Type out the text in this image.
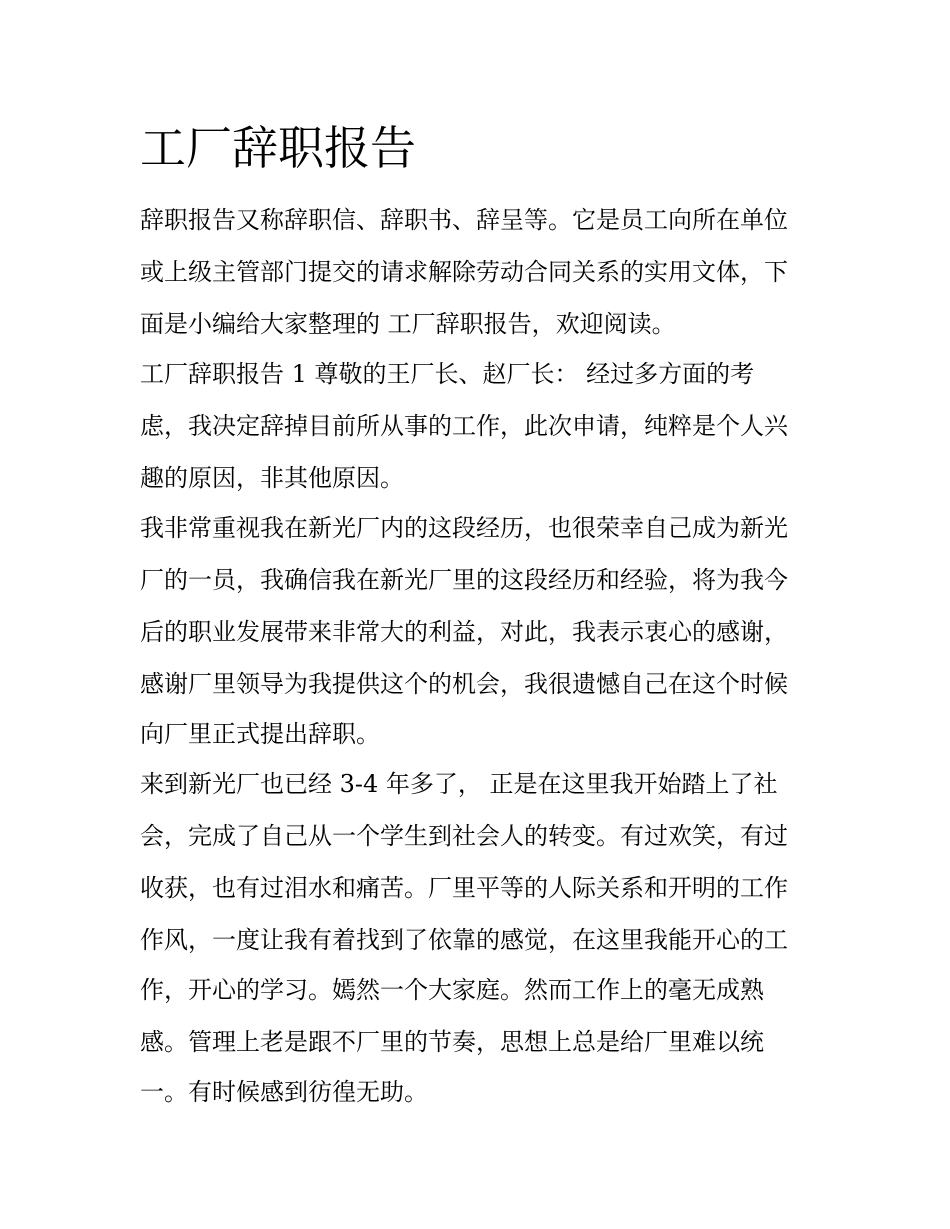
工厂辞职报告

辞职报告又称辞职信、辞职书、辞呈等。它是员工向所在单位

或上级主管部门提交的请求解除劳动合同关系的实用文体，下

面是小编给大家整理的 工厂辞职报告，欢迎阅读。

工厂辞职报告 1 尊敬的王厂长、赵厂长： 经过多方面的考

虑，我决定辞掉目前所从事的工作，此次申请，纯粹是个人兴

趣的原因，非其他原因。

我非常重视我在新光厂内的这段经历，也很荣幸自己成为新光

厂的一员，我确信我在新光厂里的这段经历和经验，将为我今

后的职业发展带来非常大的利益，对此，我表示衷心的感谢，

感谢厂里领导为我提供这个的机会，我很遗憾自己在这个时候

向厂里正式提出辞职。

来到新光厂也已经 3-4 年多了， 正是在这里我开始踏上了社

会，完成了自己从一个学生到社会人的转变。有过欢笑，有过

收获，也有过泪水和痛苦。厂里平等的人际关系和开明的工作

作风，一度让我有着找到了依靠的感觉，在这里我能开心的工

作，开心的学习。嫣然一个大家庭。然而工作上的毫无成熟

感。管理上老是跟不厂里的节奏，思想上总是给厂里难以统

一。有时候感到彷徨无助。
